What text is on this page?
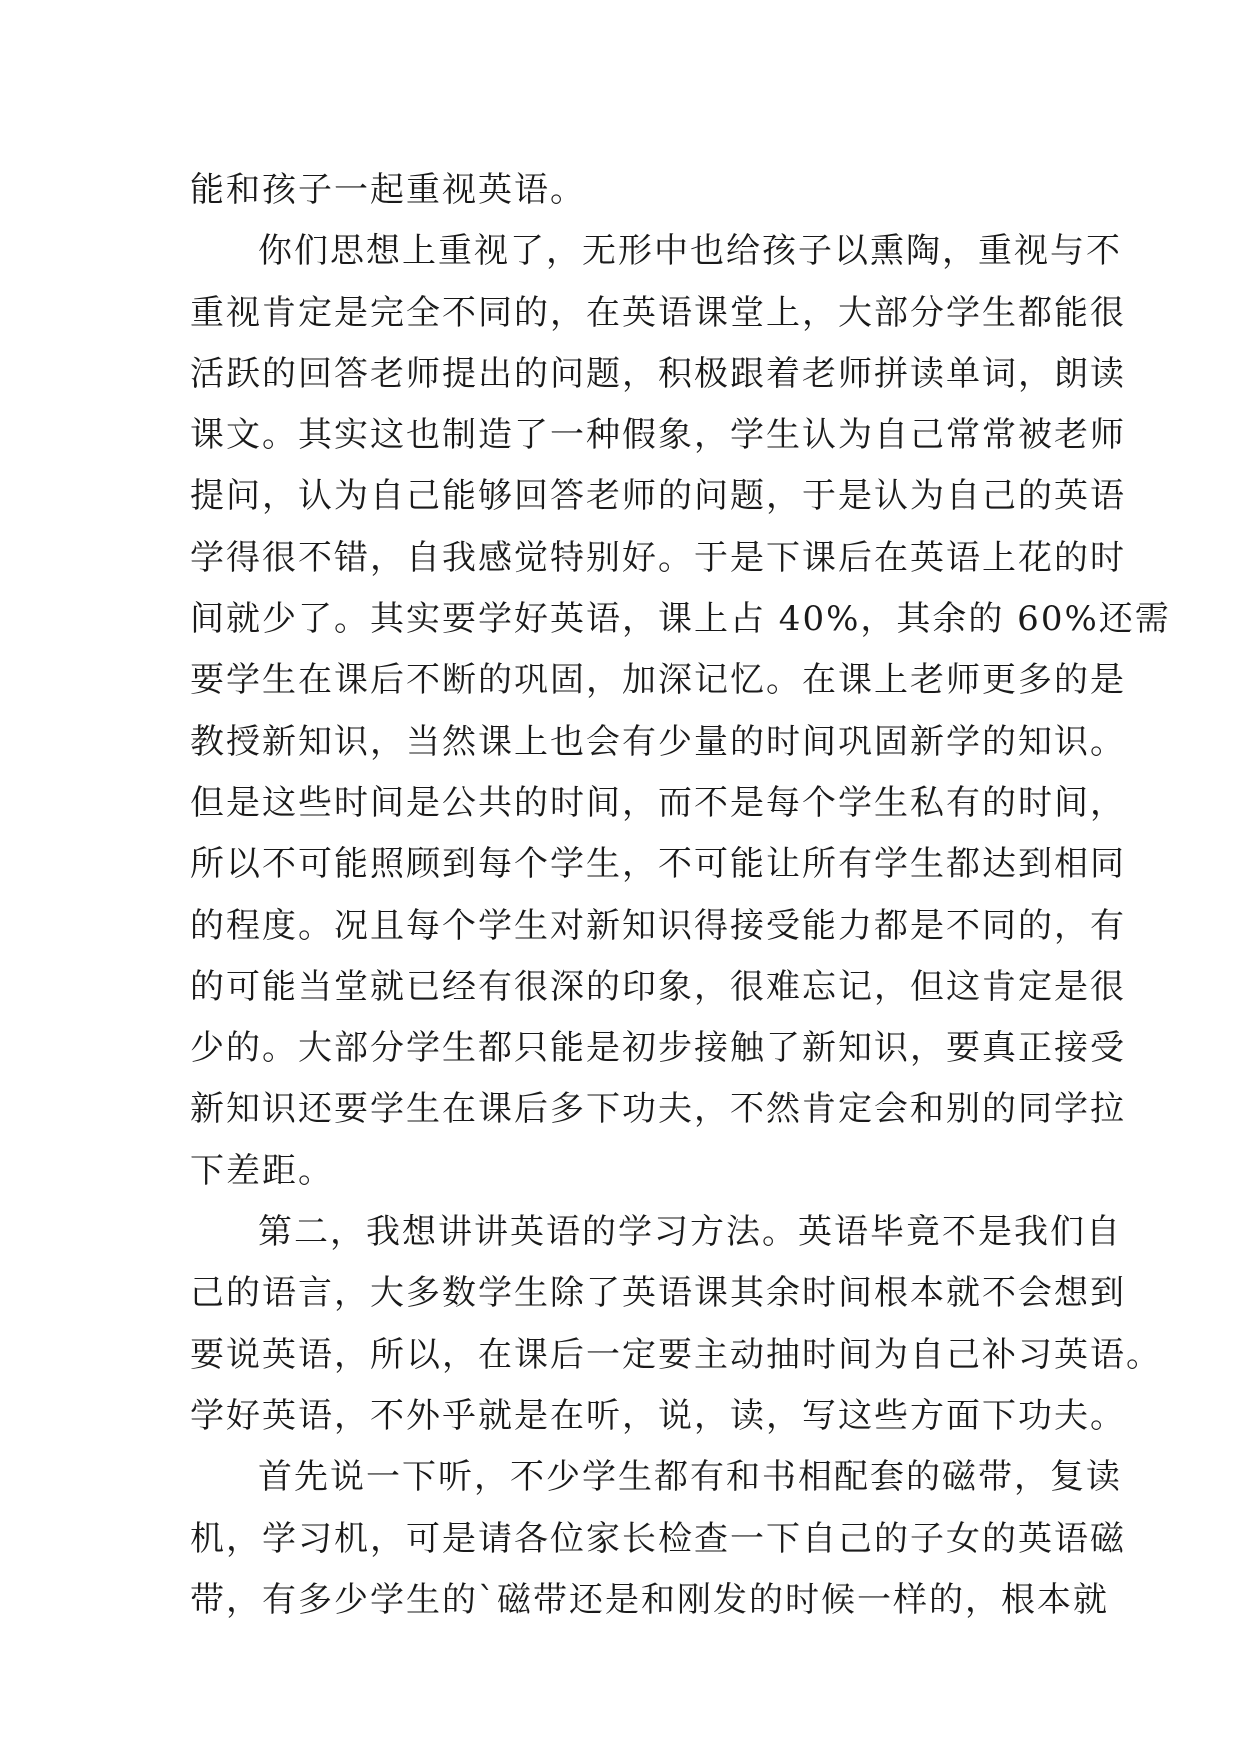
能和孩子一起重视英语。
你们思想上重视了，无形中也给孩子以熏陶，重视与不
重视肯定是完全不同的，在英语课堂上，大部分学生都能很
活跃的回答老师提出的问题，积极跟着老师拼读单词，朗读
课文。其实这也制造了一种假象，学生认为自己常常被老师
提问，认为自己能够回答老师的问题，于是认为自己的英语
学得很不错，自我感觉特别好。于是下课后在英语上花的时
间就少了。其实要学好英语，课上占 40%，其余的 60%还需
要学生在课后不断的巩固，加深记忆。在课上老师更多的是
教授新知识，当然课上也会有少量的时间巩固新学的知识。
但是这些时间是公共的时间，而不是每个学生私有的时间，
所以不可能照顾到每个学生，不可能让所有学生都达到相同
的程度。况且每个学生对新知识得接受能力都是不同的，有
的可能当堂就已经有很深的印象，很难忘记，但这肯定是很
少的。大部分学生都只能是初步接触了新知识，要真正接受
新知识还要学生在课后多下功夫，不然肯定会和别的同学拉
下差距。
第二，我想讲讲英语的学习方法。英语毕竟不是我们自
己的语言，大多数学生除了英语课其余时间根本就不会想到
要说英语，所以，在课后一定要主动抽时间为自己补习英语。
学好英语，不外乎就是在听，说，读，写这些方面下功夫。
首先说一下听，不少学生都有和书相配套的磁带，复读
机，学习机，可是请各位家长检查一下自己的子女的英语磁
带，有多少学生的`磁带还是和刚发的时候一样的，根本就
